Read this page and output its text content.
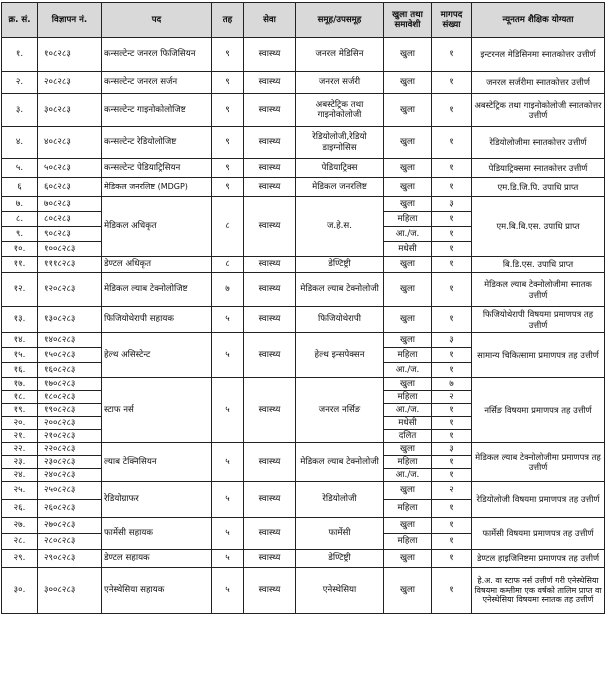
क्र. सं.	विज्ञापन नं.	पद	तह	सेवा	समूह/उपसमूह	खुला तथा समावेशी	मागपद संख्या	न्यूनतम शैक्षिक योग्यता
१.	१०८२८३	कन्सल्टेन्ट जनरल फिजिसियन	९	स्वास्थ्य	जनरल मेडिसिन	खुला	१	इन्टरनल मेडिसिनमा स्नातकोत्तर उत्तीर्ण
२.	२०८२८३	कन्सल्टेन्ट जनरल सर्जन	९	स्वास्थ्य	जनरल सर्जरी	खुला	१	जनरल सर्जरीमा स्नातकोत्तर उत्तीर्ण
३.	३०८२८३	कन्सल्टेन्ट गाइनोकोलोजिष्ट	९	स्वास्थ्य	अबस्टेट्रिक तथा गाइनोकोलोजी	खुला	१	अबस्टेट्रिक तथा गाइनोकोलोजी स्नातकोत्तर उत्तीर्ण
४.	४०८२८३	कन्सल्टेन्ट रेडियोलोजिष्ट	९	स्वास्थ्य	रेडियोलोजी,रेडियो डाइग्नोसिस	खुला	१	रेडियोलोजीमा स्नातकोत्तर उत्तीर्ण
५.	५०८२८३	कन्सल्टेन्ट पेडियाट्रिसियन	९	स्वास्थ्य	पेडियाट्रिक्स	खुला	१	पेडियाट्रिक्समा स्नातकोत्तर उत्तीर्ण
६	६०८२८३	मेडिकल जनरलिष्ट (MDGP)	९	स्वास्थ्य	मेडिकल जनरलिष्ट	खुला	१	एम.डि.जि.पि. उपाधि प्राप्त
७.	७०८२८३	मेडिकल अधिकृत	८	स्वास्थ्य	ज.हे.स.	खुला	३	एम.बि.बि.एस. उपाधि प्राप्त
८.	८०८२८३					महिला	१	
९.	९०८२८३					आ./ज.	१	
१०.	१००८२८३					मधेसी	१	
११.	१११८२८३	डेण्टल अधिकृत	८	स्वास्थ्य	डेण्टिष्ट्री	खुला	१	बि.डि.एस. उपाधि प्राप्त
१२.	१२०८२८३	मेडिकल ल्याब टेक्नोलोजिष्ट	७	स्वास्थ्य	मेडिकल ल्याब टेक्नोलोजी	खुला	१	मेडिकल ल्याब टेक्नोलोजीमा स्नातक उत्तीर्ण
१३.	१३०८२८३	फिजियोथेरापी सहायक	५	स्वास्थ्य	फिजियोथेरापी	खुला	१	फिजियोथेरापी विषयमा प्रमाणपत्र तह उत्तीर्ण
१४.	१४०८२८३	हेल्थ असिस्टेन्ट	५	स्वास्थ्य	हेल्थ इन्सपेक्सन	खुला	३	सामान्य चिकित्सामा प्रमाणपत्र तह उत्तीर्ण
१५.	१५०८२८३					महिला	१	
१६.	१६०८२८३					आ./ज.	१	
१७.	१७०८२८३	स्टाफ नर्स	५	स्वास्थ्य	जनरल नर्सिङ	खुला	७	नर्सिङ विषयमा प्रमाणपत्र तह उत्तीर्ण
१८.	१८०८२८३					महिला	२	
१९.	१९०८२८३					आ./ज.	१	
२०.	२००८२८३					मधेसी	१	
२१.	२१०८२८३					दलित	१	
२२.	२२०८२८३	ल्याब टेक्निसियन	५	स्वास्थ्य	मेडिकल ल्याब टेक्नोलोजी	खुला	३	मेडिकल ल्याब टेक्नोलोजीमा प्रमाणपत्र तह उत्तीर्ण
२३.	२३०८२८३					महिला	१	
२४.	२४०८२८३					आ./ज.	१	
२५.	२५०८२८३	रेडियोग्राफर	५	स्वास्थ्य	रेडियोलोजी	खुला	२	रेडियोलोजी विषयमा प्रमाणपत्र तह उत्तीर्ण
२६.	२६०८२८३					महिला	१	
२७.	२७०८२८३	फार्मेसी सहायक	५	स्वास्थ्य	फार्मेसी	खुला	१	फार्मेसी विषयमा प्रमाणपत्र तह उत्तीर्ण
२८.	२८०८२८३					महिला	१	
२९.	२९०८२८३	डेण्टल सहायक	५	स्वास्थ्य	डेण्टिष्ट्री	खुला	१	डेण्टल हाइजिनिष्टमा प्रमाणपत्र तह उत्तीर्ण
३०.	३००८२८३	एनेस्थेसिया सहायक	५	स्वास्थ्य	एनेस्थेसिया	खुला	१	हे.अ. वा स्टाफ नर्स उत्तीर्ण गरी एनेस्थेसिया विषयमा कम्तीमा एक वर्षको तालिम प्राप्त वा एनेस्थेसिया विषयमा स्नातक तह उत्तीर्ण
